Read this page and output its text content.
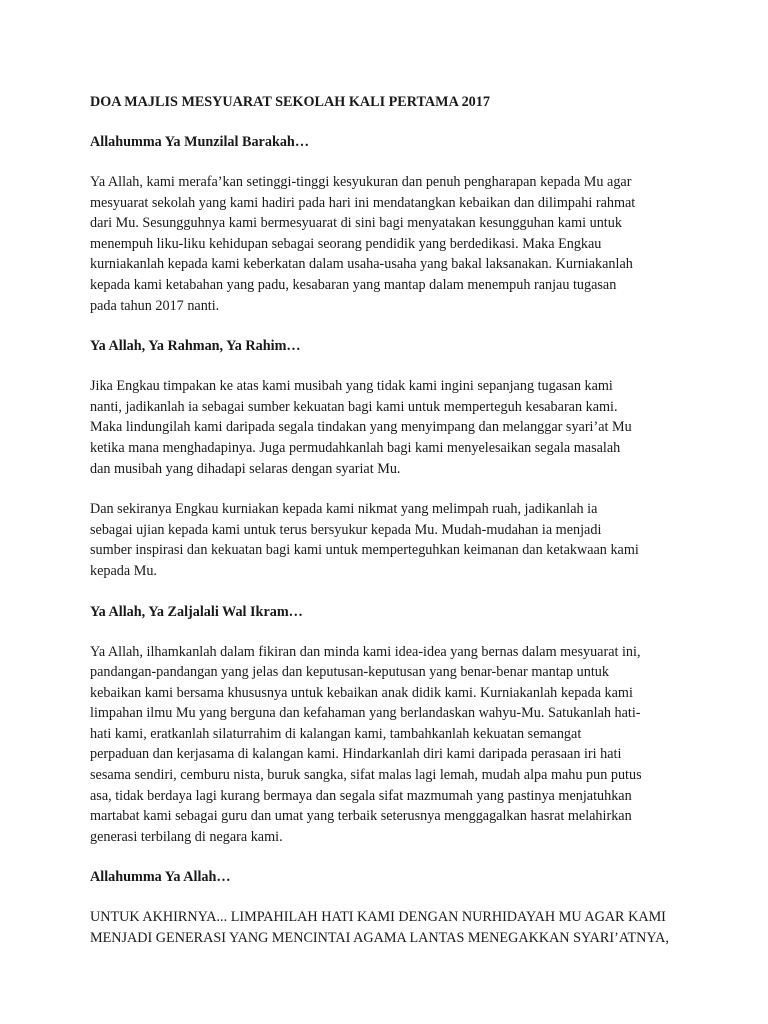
DOA MAJLIS MESYUARAT SEKOLAH KALI PERTAMA 2017
Allahumma Ya Munzilal Barakah…
Ya Allah, kami merafa’kan setinggi-tinggi kesyukuran dan penuh pengharapan kepada Mu agar
mesyuarat sekolah yang kami hadiri pada hari ini mendatangkan kebaikan dan dilimpahi rahmat
dari Mu. Sesungguhnya kami bermesyuarat di sini bagi menyatakan kesungguhan kami untuk
menempuh liku-liku kehidupan sebagai seorang pendidik yang berdedikasi. Maka Engkau
kurniakanlah kepada kami keberkatan dalam usaha-usaha yang bakal laksanakan. Kurniakanlah
kepada kami ketabahan yang padu, kesabaran yang mantap dalam menempuh ranjau tugasan
pada tahun 2017 nanti.
Ya Allah, Ya Rahman, Ya Rahim…
Jika Engkau timpakan ke atas kami musibah yang tidak kami ingini sepanjang tugasan kami
nanti, jadikanlah ia sebagai sumber kekuatan bagi kami untuk memperteguh kesabaran kami.
Maka lindungilah kami daripada segala tindakan yang menyimpang dan melanggar syari’at Mu
ketika mana menghadapinya. Juga permudahkanlah bagi kami menyelesaikan segala masalah
dan musibah yang dihadapi selaras dengan syariat Mu.
Dan sekiranya Engkau kurniakan kepada kami nikmat yang melimpah ruah, jadikanlah ia
sebagai ujian kepada kami untuk terus bersyukur kepada Mu. Mudah-mudahan ia menjadi
sumber inspirasi dan kekuatan bagi kami untuk memperteguhkan keimanan dan ketakwaan kami
kepada Mu.
Ya Allah, Ya Zaljalali Wal Ikram…
Ya Allah, ilhamkanlah dalam fikiran dan minda kami idea-idea yang bernas dalam mesyuarat ini,
pandangan-pandangan yang jelas dan keputusan-keputusan yang benar-benar mantap untuk
kebaikan kami bersama khususnya untuk kebaikan anak didik kami. Kurniakanlah kepada kami
limpahan ilmu Mu yang berguna dan kefahaman yang berlandaskan wahyu-Mu. Satukanlah hati-
hati kami, eratkanlah silaturrahim di kalangan kami, tambahkanlah kekuatan semangat
perpaduan dan kerjasama di kalangan kami. Hindarkanlah diri kami daripada perasaan iri hati
sesama sendiri, cemburu nista, buruk sangka, sifat malas lagi lemah, mudah alpa mahu pun putus
asa, tidak berdaya lagi kurang bermaya dan segala sifat mazmumah yang pastinya menjatuhkan
martabat kami sebagai guru dan umat yang terbaik seterusnya menggagalkan hasrat melahirkan
generasi terbilang di negara kami.
Allahumma Ya Allah…
UNTUK AKHIRNYA... LIMPAHILAH HATI KAMI DENGAN NURHIDAYAH MU AGAR KAMI
MENJADI GENERASI YANG MENCINTAI AGAMA LANTAS MENEGAKKAN SYARI’ATNYA,
